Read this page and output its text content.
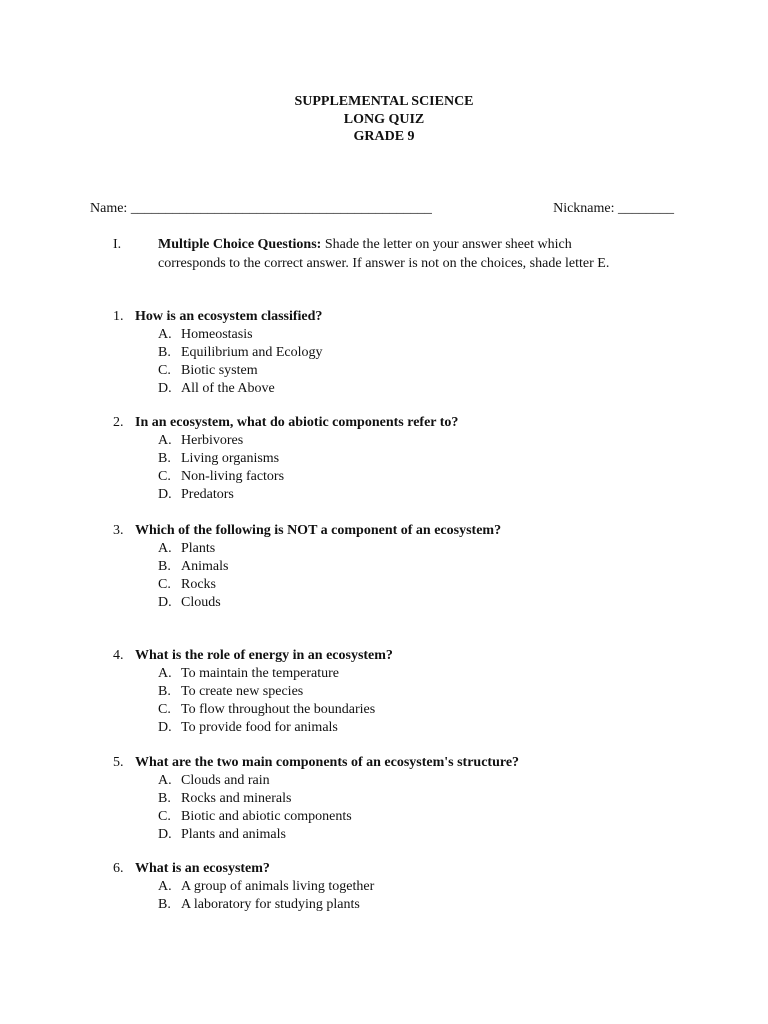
SUPPLEMENTAL SCIENCE
LONG QUIZ
GRADE 9
Name: ___________________________________________	Nickname: ________
I.	Multiple Choice Questions: Shade the letter on your answer sheet which
corresponds to the correct answer. If answer is not on the choices, shade letter E.
1. How is an ecosystem classified?
A. Homeostasis
B. Equilibrium and Ecology
C. Biotic system
D. All of the Above
2. In an ecosystem, what do abiotic components refer to?
A. Herbivores
B. Living organisms
C. Non-living factors
D. Predators
3. Which of the following is NOT a component of an ecosystem?
A. Plants
B. Animals
C. Rocks
D. Clouds
4. What is the role of energy in an ecosystem?
A. To maintain the temperature
B. To create new species
C. To flow throughout the boundaries
D. To provide food for animals
5. What are the two main components of an ecosystem's structure?
A. Clouds and rain
B. Rocks and minerals
C. Biotic and abiotic components
D. Plants and animals
6. What is an ecosystem?
A. A group of animals living together
B. A laboratory for studying plants
